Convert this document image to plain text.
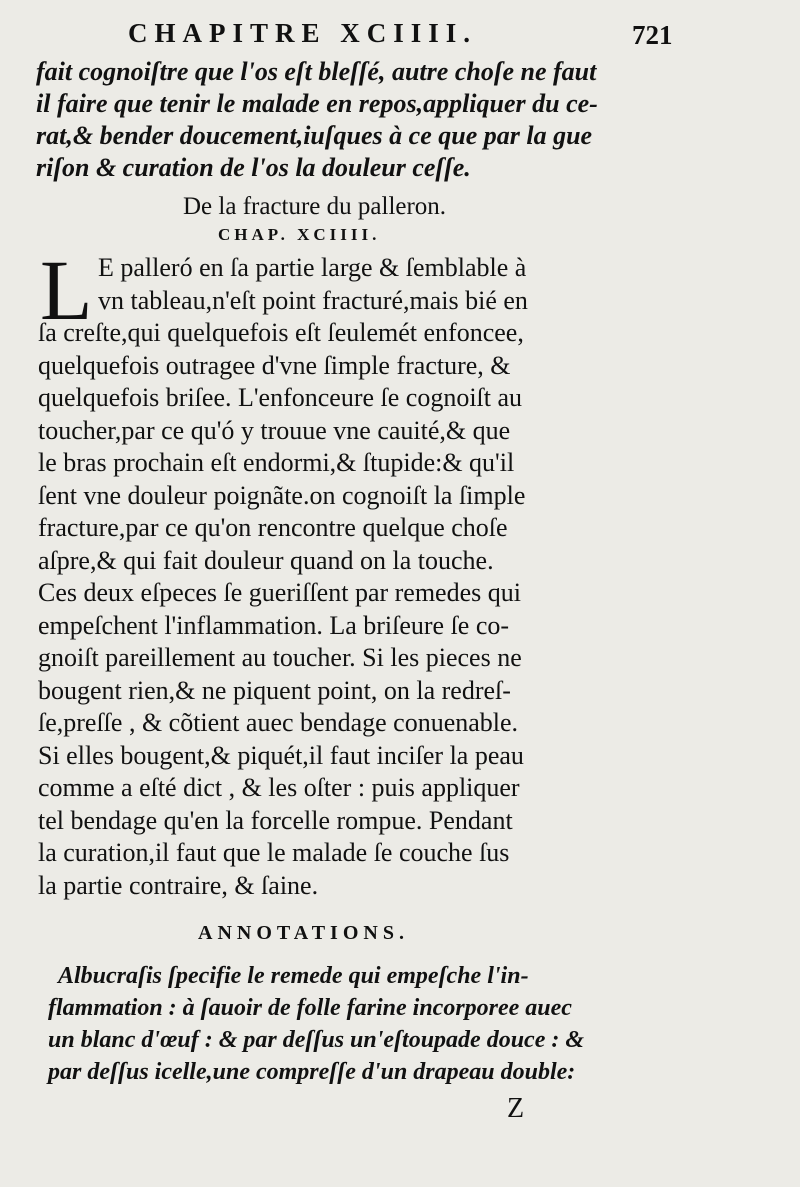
CHAPITRE XCIIII.	721

fait cognoiſtre que l'os eſt bleſſé, autre choſe ne faut

il faire que tenir le malade en repos,appliquer du ce-

rat,& bender doucement,iuſques à ce que par la gue

riſon & curation de l'os la douleur ceſſe.

De la fracture du palleron.
CHAP. XCIIII.
L E palleró en ſa partie large & ſemblable à

vn tableau,n'eſt point fracturé,mais bié en

ſa creſte,qui quelquefois eſt ſeulemét enfoncee,

quelquefois outragee d'vne ſimple fracture, &

quelquefois briſee. L'enfonceure ſe cognoiſt au

toucher,par ce qu'ó y trouue vne cauité,& que

le bras prochain eſt endormi,& ſtupide:& qu'il

ſent vne douleur poignãte.on cognoiſt la ſimple

fracture,par ce qu'on rencontre quelque choſe

aſpre,& qui fait douleur quand on la touche.

Ces deux eſpeces ſe gueriſſent par remedes qui

empeſchent l'inflammation. La briſeure ſe co-

gnoiſt pareillement au toucher. Si les pieces ne

bougent rien,& ne piquent point, on la redreſ-

ſe,preſſe , & cõtient auec bendage conuenable.

Si elles bougent,& piquét,il faut inciſer la peau

comme a eſté dict , & les oſter : puis appliquer

tel bendage qu'en la forcelle rompue. Pendant

la curation,il faut que le malade ſe couche ſus

la partie contraire, & ſaine.

ANNOTATIONS.

Albucraſis ſpecifie le remede qui empeſche l'in-

flammation : à ſauoir de folle farine incorporee auec

un blanc d'œuf : & par deſſus un'eſtoupade douce : &

par deſſus icelle,une compreſſe d'un drapeau double:

Z
